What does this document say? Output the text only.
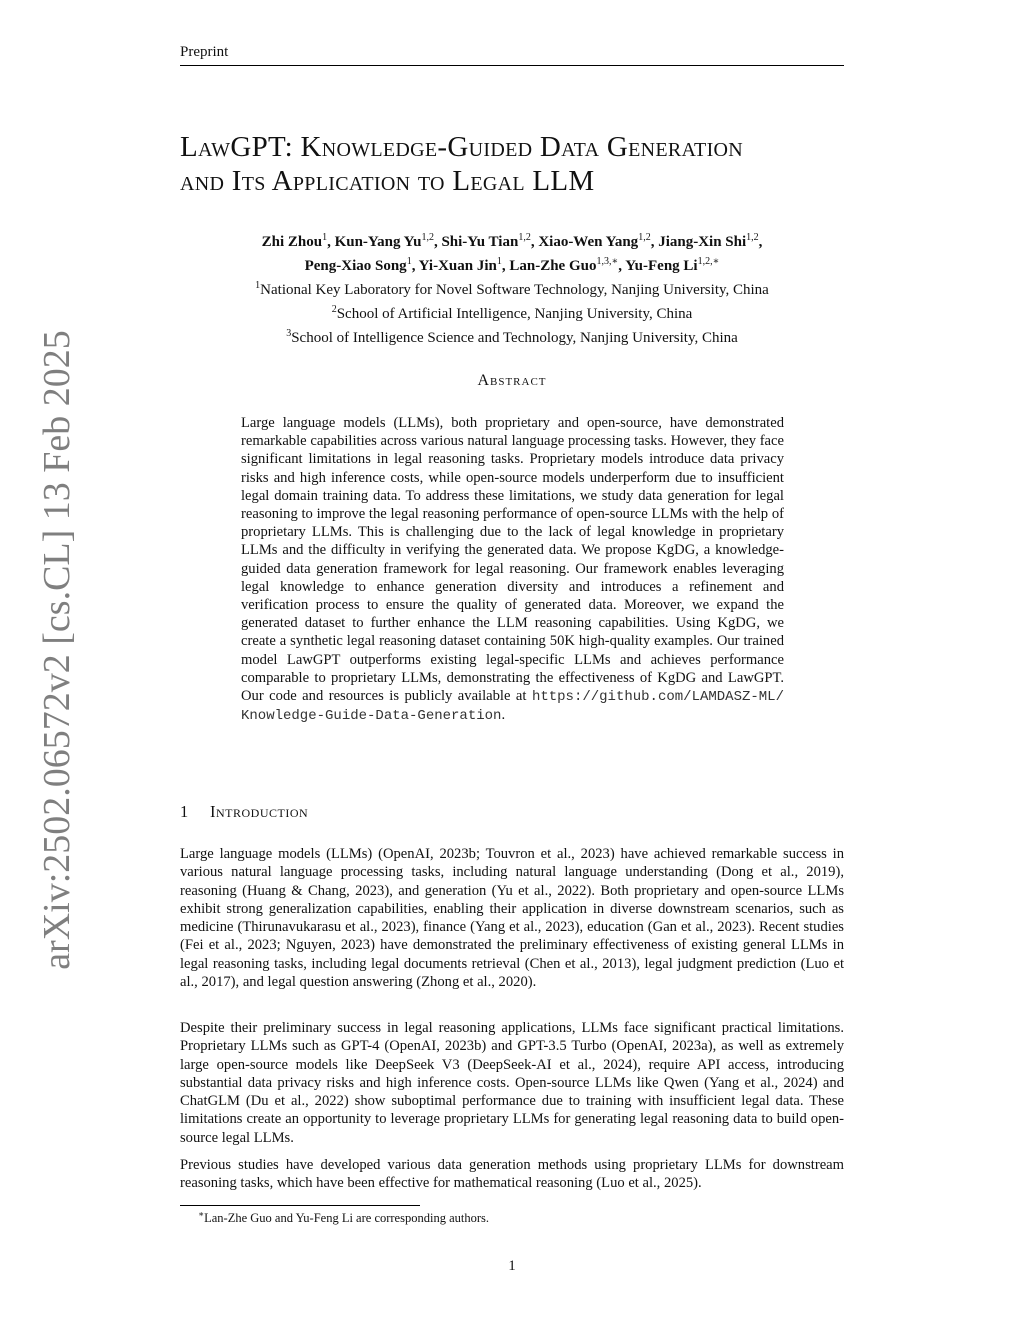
Preprint
arXiv:2502.06572v2 [cs.CL] 13 Feb 2025
LawGPT: Knowledge-Guided Data Generation
and Its Application to Legal LLM
Zhi Zhou$^1$, Kun-Yang Yu$^{1,2}$, Shi-Yu Tian$^{1,2}$, Xiao-Wen Yang$^{1,2}$, Jiang-Xin Shi$^{1,2}$,
Peng-Xiao Song$^1$, Yi-Xuan Jin$^1$, Lan-Zhe Guo$^{1,3,∗}$, Yu-Feng $Li^{1,2,∗}$
$^1$National Key Laboratory for Novel Software Technology, Nanjing University, China
$^2$School of Artificial Intelligence, Nanjing University, China
$^3$School of Intelligence Science and Technology, Nanjing University, China
Abstract
Large language models (LLMs), both proprietary and open-source, have demonstrated remarkable capabilities across various natural language processing tasks. However, they face significant limitations in legal reasoning tasks. Proprietary models introduce data privacy risks and high inference costs, while open-source models underperform due to insufficient legal domain training data. To address these limitations, we study data generation for legal reasoning to improve the legal reasoning performance of open-source LLMs with the help of proprietary LLMs. This is challenging due to the lack of legal knowledge in proprietary LLMs and the difficulty in verifying the generated data. We propose KgDG, a knowledge-guided data generation framework for legal reasoning. Our framework enables leveraging legal knowledge to enhance generation diversity and introduces a refinement and verification process to ensure the quality of generated data. Moreover, we expand the generated dataset to further enhance the LLM reasoning capabilities. Using KgDG, we create a synthetic legal reasoning dataset containing 50K high-quality examples. Our trained model LawGPT outperforms existing legal-specific LLMs and achieves performance comparable to proprietary LLMs, demonstrating the effectiveness of KgDG and LawGPT. Our code and resources is publicly available at https://github.com/LAMDASZ-ML/ Knowledge-Guide-Data-Generation.
1 Introduction
Large language models (LLMs) (OpenAI, 2023b; Touvron et al., 2023) have achieved remarkable success in various natural language processing tasks, including natural language understanding (Dong et al., 2019), reasoning (Huang & Chang, 2023), and generation (Yu et al., 2022). Both proprietary and open-source LLMs exhibit strong generalization capabilities, enabling their application in diverse downstream scenarios, such as medicine (Thirunavukarasu et al., 2023), finance (Yang et al., 2023), education (Gan et al., 2023). Recent studies (Fei et al., 2023; Nguyen, 2023) have demonstrated the preliminary effectiveness of existing general LLMs in legal reasoning tasks, including legal documents retrieval (Chen et al., 2013), legal judgment prediction (Luo et al., 2017), and legal question answering (Zhong et al., 2020).
Despite their preliminary success in legal reasoning applications, LLMs face significant practical limitations. Proprietary LLMs such as GPT-4 (OpenAI, 2023b) and GPT-3.5 Turbo (OpenAI, 2023a), as well as extremely large open-source models like DeepSeek V3 (DeepSeek-AI et al., 2024), require API access, introducing substantial data privacy risks and high inference costs. Open-source LLMs like Qwen (Yang et al., 2024) and ChatGLM (Du et al., 2022) show suboptimal performance due to training with insufficient legal data. These limitations create an opportunity to leverage proprietary LLMs for generating legal reasoning data to build open-source legal LLMs.
Previous studies have developed various data generation methods using proprietary LLMs for downstream reasoning tasks, which have been effective for mathematical reasoning (Luo et al., 2025).
∗Lan-Zhe Guo and Yu-Feng Li are corresponding authors.
1
